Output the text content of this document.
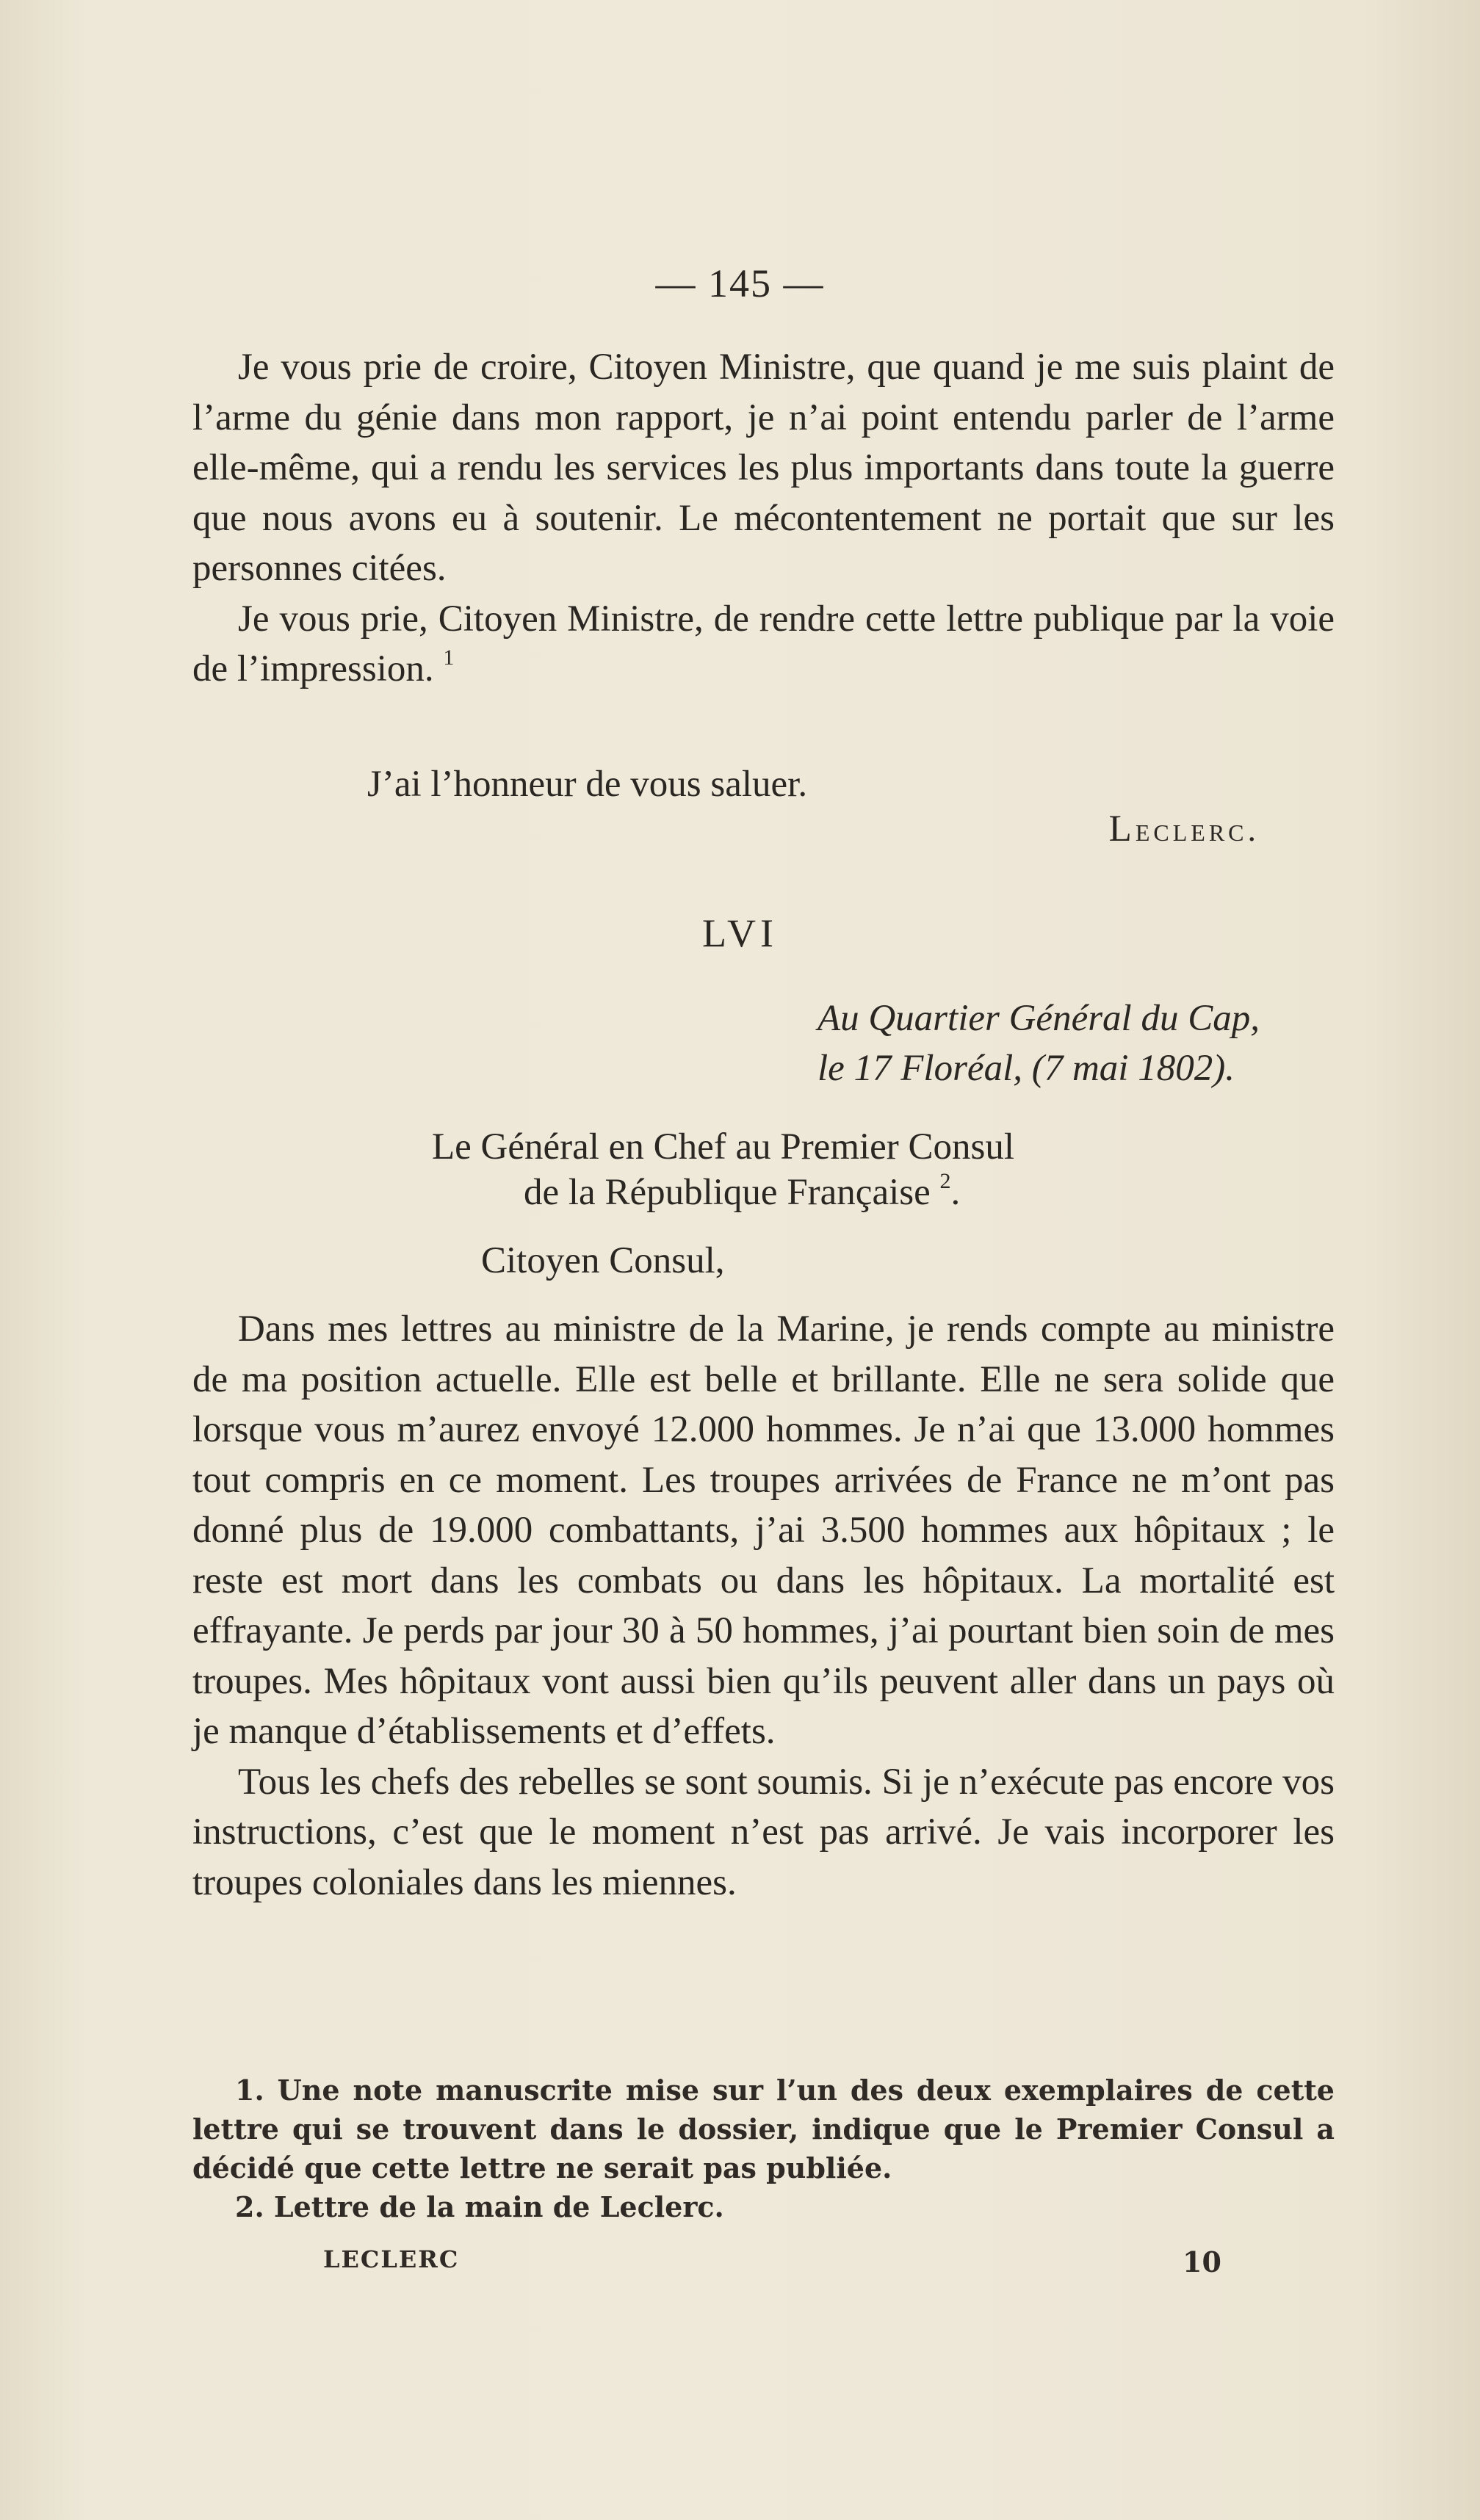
— 145 —

Je vous prie de croire, Citoyen Ministre, que quand je me suis plaint de l’arme du génie dans mon rapport, je n’ai point entendu parler de l’arme elle-même, qui a rendu les services les plus importants dans toute la guerre que nous avons eu à soutenir. Le mécontentement ne portait que sur les personnes citées.

Je vous prie, Citoyen Ministre, de rendre cette lettre publique par la voie de l’impression. $^1$

J’ai l’honneur de vous saluer.
Leclerc.
LVI
Au Quartier Général du Cap,
le 17 Floréal, (7 mai 1802).
Le Général en Chef au Premier Consul
de la République Française $^2$.
Citoyen Consul,

Dans mes lettres au ministre de la Marine, je rends compte au ministre de ma position actuelle. Elle est belle et brillante. Elle ne sera solide que lorsque vous m’aurez envoyé 12.000 hommes. Je n’ai que 13.000 hommes tout compris en ce moment. Les troupes arrivées de France ne m’ont pas donné plus de 19.000 combattants, j’ai 3.500 hommes aux hôpitaux ; le reste est mort dans les combats ou dans les hôpitaux. La mortalité est effrayante. Je perds par jour 30 à 50 hommes, j’ai pourtant bien soin de mes troupes. Mes hôpitaux vont aussi bien qu’ils peuvent aller dans un pays où je manque d’établissements et d’effets.

Tous les chefs des rebelles se sont soumis. Si je n’exécute pas encore vos instructions, c’est que le moment n’est pas arrivé. Je vais incorporer les troupes coloniales dans les miennes.

1. Une note manuscrite mise sur l’un des deux exemplaires de cette lettre qui se trouvent dans le dossier, indique que le Premier Consul a décidé que cette lettre ne serait pas publiée.

2. Lettre de la main de Leclerc.

LECLERC	10
